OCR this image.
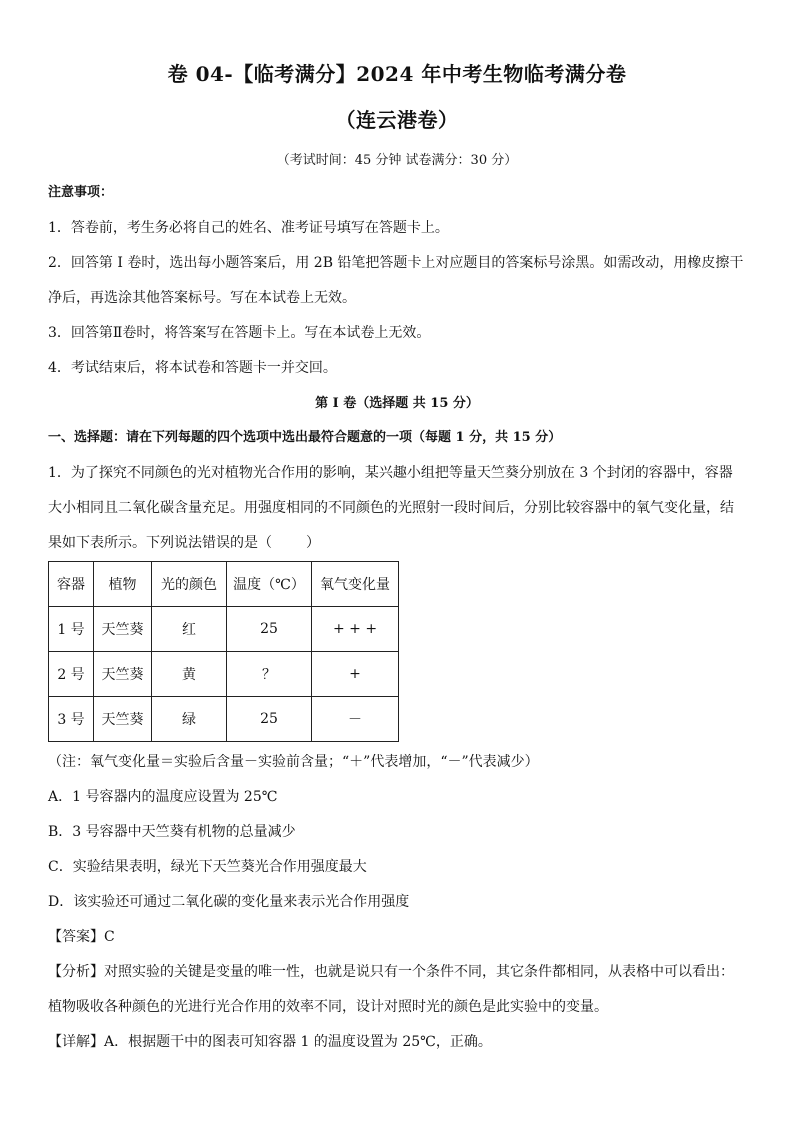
卷 04-【临考满分】2024 年中考生物临考满分卷
（连云港卷）
（考试时间：45 分钟 试卷满分：30 分）
注意事项：
1．答卷前，考生务必将自己的姓名、准考证号填写在答题卡上。
2．回答第 I 卷时，选出每小题答案后，用 2B 铅笔把答题卡上对应题目的答案标号涂黑。如需改动，用橡皮擦干
净后，再选涂其他答案标号。写在本试卷上无效。
3．回答第Ⅱ卷时，将答案写在答题卡上。写在本试卷上无效。
4．考试结束后，将本试卷和答题卡一并交回。
第 I 卷（选择题 共 15 分）
一、选择题：请在下列每题的四个选项中选出最符合题意的一项（每题 1 分，共 15 分）
1．为了探究不同颜色的光对植物光合作用的影响，某兴趣小组把等量天竺葵分别放在 3 个封闭的容器中，容器
大小相同且二氧化碳含量充足。用强度相同的不同颜色的光照射一段时间后，分别比较容器中的氧气变化量，结
果如下表所示。下列说法错误的是（ ）
容器	植物	光的颜色	温度（℃）	氧气变化量
1 号	天竺葵	红	25	+ + +
2 号	天竺葵	黄	？	+
3 号	天竺葵	绿	25	－
（注：氧气变化量＝实验后含量－实验前含量；“＋”代表增加，“－”代表减少）
A．1 号容器内的温度应设置为 25℃
B．3 号容器中天竺葵有机物的总量减少
C．实验结果表明，绿光下天竺葵光合作用强度最大
D．该实验还可通过二氧化碳的变化量来表示光合作用强度
【答案】C
【分析】对照实验的关键是变量的唯一性，也就是说只有一个条件不同，其它条件都相同，从表格中可以看出：
植物吸收各种颜色的光进行光合作用的效率不同，设计对照时光的颜色是此实验中的变量。
【详解】A．根据题干中的图表可知容器 1 的温度设置为 25℃，正确。
